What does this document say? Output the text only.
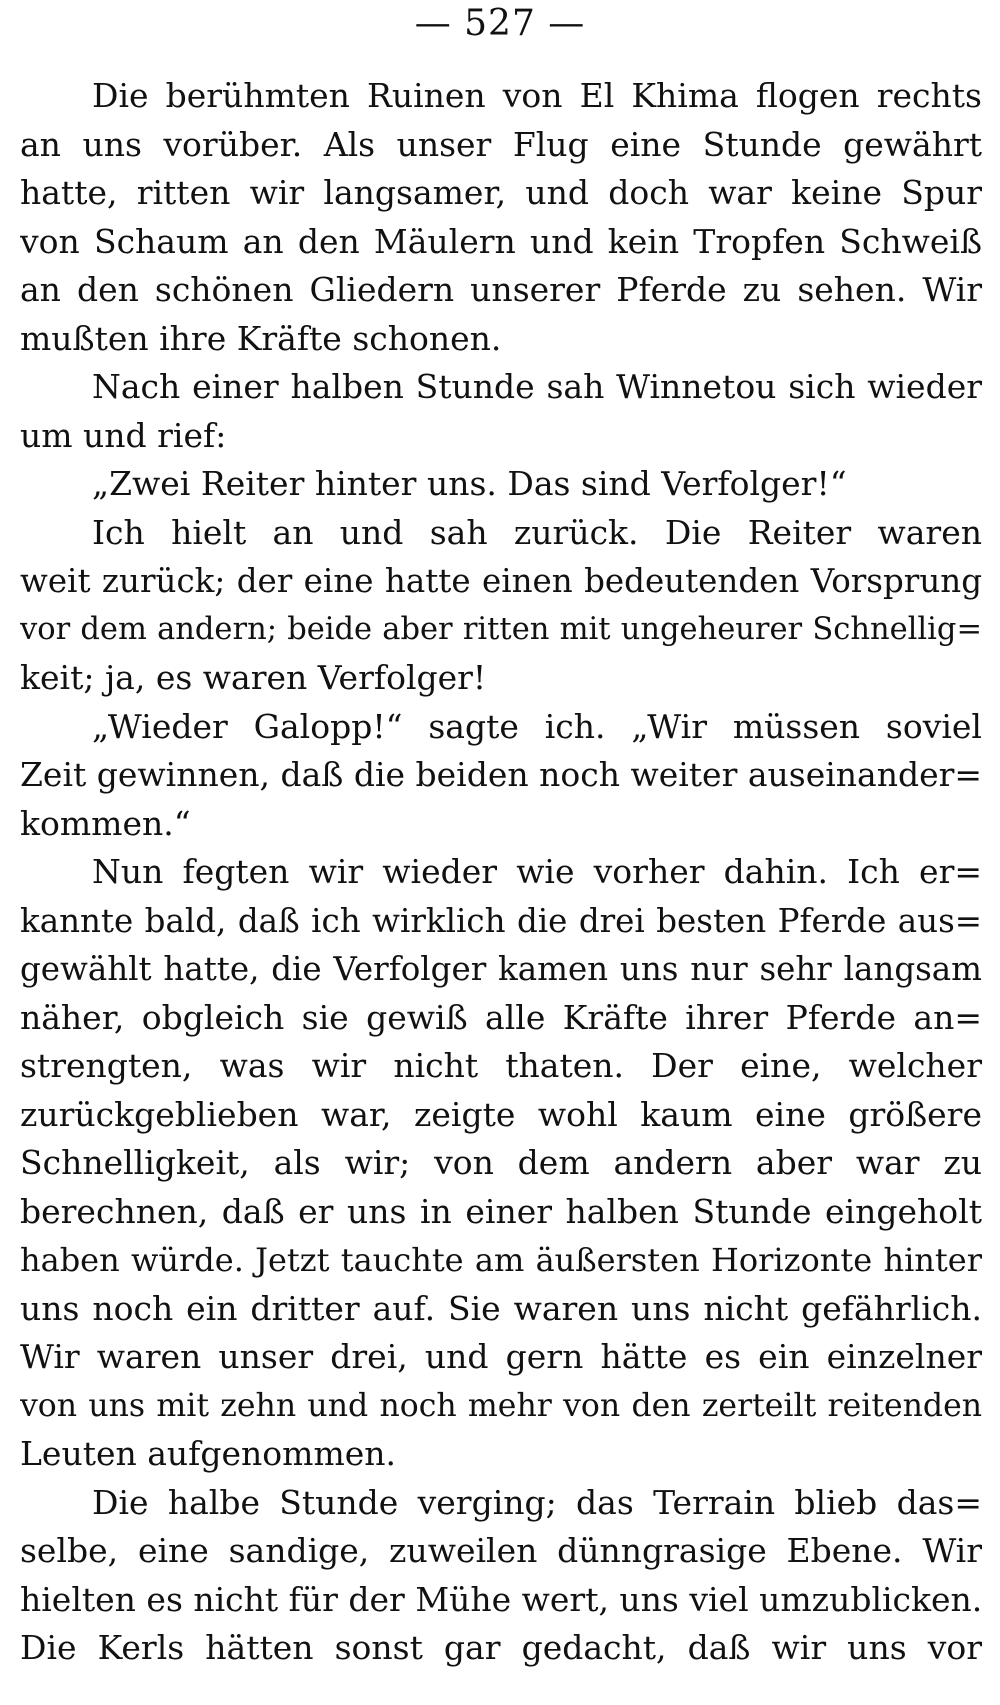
— 527 —
Die berühmten Ruinen von El Khima flogen rechts
an uns vorüber. Als unser Flug eine Stunde gewährt
hatte, ritten wir langsamer, und doch war keine Spur
von Schaum an den Mäulern und kein Tropfen Schweiß
an den schönen Gliedern unserer Pferde zu sehen. Wir
mußten ihre Kräfte schonen.
Nach einer halben Stunde sah Winnetou sich wieder
um und rief:
„Zwei Reiter hinter uns. Das sind Verfolger!“
Ich hielt an und sah zurück. Die Reiter waren
weit zurück; der eine hatte einen bedeutenden Vorsprung
vor dem andern; beide aber ritten mit ungeheurer Schnellig=
keit; ja, es waren Verfolger!
„Wieder Galopp!“ sagte ich. „Wir müssen soviel
Zeit gewinnen, daß die beiden noch weiter auseinander=
kommen.“
Nun fegten wir wieder wie vorher dahin. Ich er=
kannte bald, daß ich wirklich die drei besten Pferde aus=
gewählt hatte, die Verfolger kamen uns nur sehr langsam
näher, obgleich sie gewiß alle Kräfte ihrer Pferde an=
strengten, was wir nicht thaten. Der eine, welcher
zurückgeblieben war, zeigte wohl kaum eine größere
Schnelligkeit, als wir; von dem andern aber war zu
berechnen, daß er uns in einer halben Stunde eingeholt
haben würde. Jetzt tauchte am äußersten Horizonte hinter
uns noch ein dritter auf. Sie waren uns nicht gefährlich.
Wir waren unser drei, und gern hätte es ein einzelner
von uns mit zehn und noch mehr von den zerteilt reitenden
Leuten aufgenommen.
Die halbe Stunde verging; das Terrain blieb das=
selbe, eine sandige, zuweilen dünngrasige Ebene. Wir
hielten es nicht für der Mühe wert, uns viel umzublicken.
Die Kerls hätten sonst gar gedacht, daß wir uns vor
